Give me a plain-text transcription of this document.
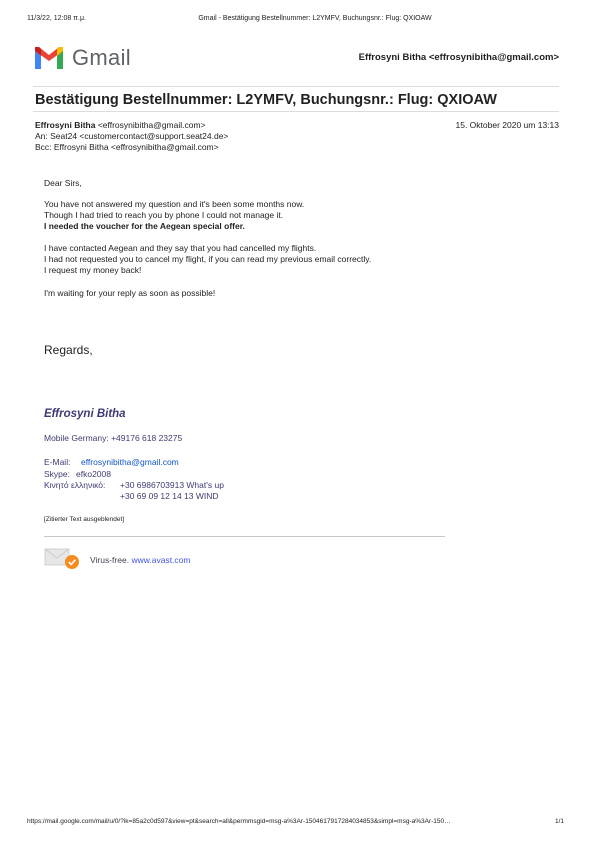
11/3/22, 12:08 π.μ.	Gmail - Bestätigung Bestellnummer: L2YMFV, Buchungsnr.: Flug: QXIOAW
Gmail	Effrosyni Bitha <effrosynibitha@gmail.com>
Bestätigung Bestellnummer: L2YMFV, Buchungsnr.: Flug: QXIOAW
Effrosyni Bitha <effrosynibitha@gmail.com>	15. Oktober 2020 um 13:13
An: Seat24 <customercontact@support.seat24.de>
Bcc: Effrosyni Bitha <effrosynibitha@gmail.com>
Dear Sirs,
You have not answered my question and it's been some months now.
Though I had tried to reach you by phone I could not manage it.
I needed the voucher for the Aegean special offer.
I have contacted Aegean and they say that you had cancelled my flights.
I had not requested you to cancel my flight, if you can read my previous email correctly.
I request my money back!
I'm waiting for your reply as soon as possible!
Regards,
Effrosyni Bitha
Mobile Germany: +49176 618 23275
E-Mail: effrosynibitha@gmail.com
Skype: efko2008
Κινητό ελληνικό: +30 6986703913 What's up
+30 69 09 12 14 13 WIND
[Zitierter Text ausgeblendet]
Virus-free. www.avast.com
https://mail.google.com/mail/u/0/?ik=85a2c0d597&view=pt&search=all&permmsgid=msg-a%3Ar-1504617917284034853&simpl=msg-a%3Ar-150…	1/1
